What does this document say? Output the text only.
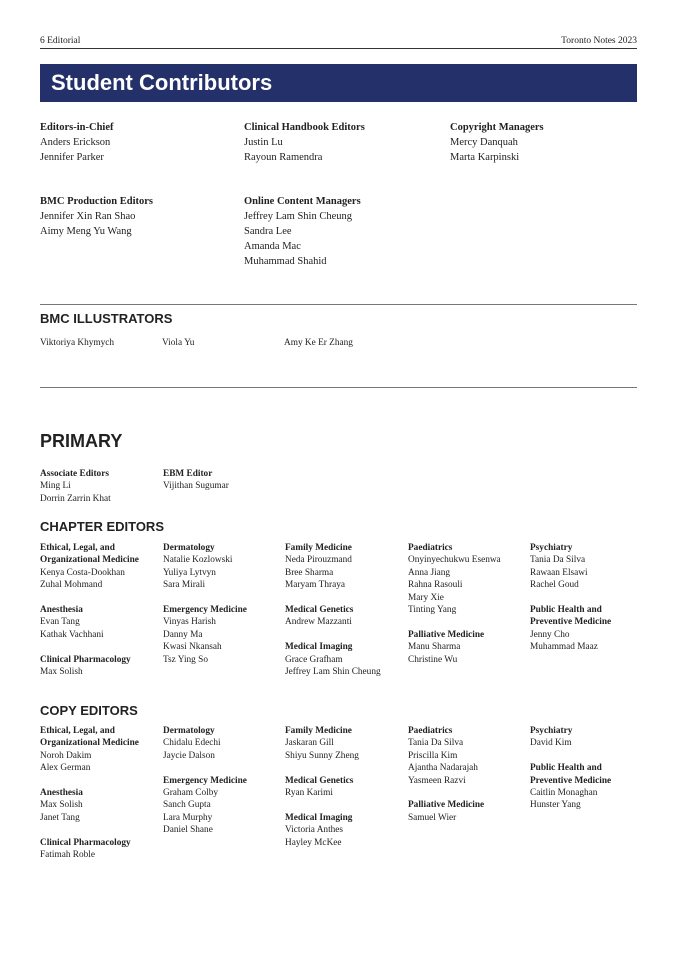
6 Editorial	Toronto Notes 2023
Student Contributors
Editors-in-Chief
Anders Erickson
Jennifer Parker
Clinical Handbook Editors
Justin Lu
Rayoun Ramendra
Copyright Managers
Mercy Danquah
Marta Karpinski
BMC Production Editors
Jennifer Xin Ran Shao
Aimy Meng Yu Wang
Online Content Managers
Jeffrey Lam Shin Cheung
Sandra Lee
Amanda Mac
Muhammad Shahid
BMC ILLUSTRATORS
Viktoriya Khymych	Viola Yu	Amy Ke Er Zhang
PRIMARY
Associate Editors
Ming Li
Dorrin Zarrin Khat
EBM Editor
Vijithan Sugumar
CHAPTER EDITORS
Ethical, Legal, and
Organizational Medicine
Kenya Costa-Dookhan
Zuhal Mohmand
Anesthesia
Evan Tang
Kathak Vachhani
Clinical Pharmacology
Max Solish
Dermatology
Natalie Kozlowski
Yuliya Lytvyn
Sara Mirali
Emergency Medicine
Vinyas Harish
Danny Ma
Kwasi Nkansah
Tsz Ying So
Family Medicine
Neda Pirouzmand
Bree Sharma
Maryam Thraya
Medical Genetics
Andrew Mazzanti
Medical Imaging
Grace Grafham
Jeffrey Lam Shin Cheung
Paediatrics
Onyinyechukwu Esenwa
Anna Jiang
Rahna Rasouli
Mary Xie
Tinting Yang
Palliative Medicine
Manu Sharma
Christine Wu
Psychiatry
Tania Da Silva
Rawaan Elsawi
Rachel Goud
Public Health and
Preventive Medicine
Jenny Cho
Muhammad Maaz
COPY EDITORS
Ethical, Legal, and
Organizational Medicine
Noroh Dakim
Alex German
Anesthesia
Max Solish
Janet Tang
Clinical Pharmacology
Fatimah Roble
Dermatology
Chidalu Edechi
Jaycie Dalson
Emergency Medicine
Graham Colby
Sanch Gupta
Lara Murphy
Daniel Shane
Family Medicine
Jaskaran Gill
Shiyu Sunny Zheng
Medical Genetics
Ryan Karimi
Medical Imaging
Victoria Anthes
Hayley McKee
Paediatrics
Tania Da Silva
Priscilla Kim
Ajantha Nadarajah
Yasmeen Razvi
Palliative Medicine
Samuel Wier
Psychiatry
David Kim
Public Health and
Preventive Medicine
Caitlin Monaghan
Hunster Yang
